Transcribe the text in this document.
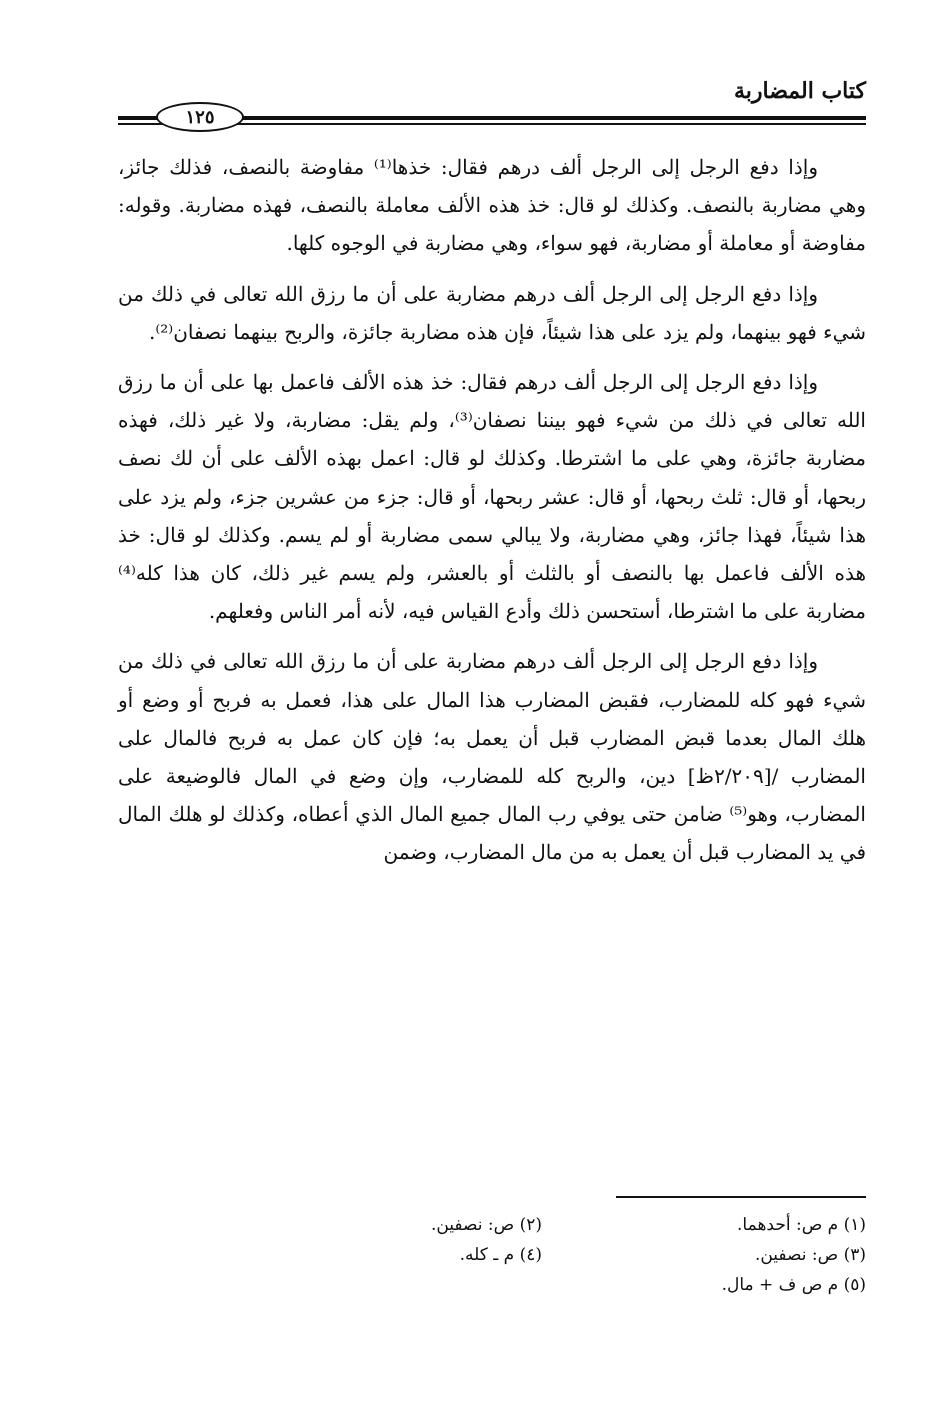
كتاب المضاربة
١٢٥

وإذا دفع الرجل إلى الرجل ألف درهم فقال: خذها⁽¹⁾ مفاوضة بالنصف، فذلك جائز، وهي مضاربة بالنصف. وكذلك لو قال: خذ هذه الألف معاملة بالنصف، فهذه مضاربة. وقوله: مفاوضة أو معاملة أو مضاربة، فهو سواء، وهي مضاربة في الوجوه كلها.

وإذا دفع الرجل إلى الرجل ألف درهم مضاربة على أن ما رزق الله تعالى في ذلك من شيء فهو بينهما، ولم يزد على هذا شيئاً، فإن هذه مضاربة جائزة، والربح بينهما نصفان⁽²⁾.

وإذا دفع الرجل إلى الرجل ألف درهم فقال: خذ هذه الألف فاعمل بها على أن ما رزق الله تعالى في ذلك من شيء فهو بيننا نصفان⁽³⁾، ولم يقل: مضاربة، ولا غير ذلك، فهذه مضاربة جائزة، وهي على ما اشترطا. وكذلك لو قال: اعمل بهذه الألف على أن لك نصف ربحها، أو قال: ثلث ربحها، أو قال: عشر ربحها، أو قال: جزء من عشرين جزء، ولم يزد على هذا شيئاً، فهذا جائز، وهي مضاربة، ولا يبالي سمى مضاربة أو لم يسم. وكذلك لو قال: خذ هذه الألف فاعمل بها بالنصف أو بالثلث أو بالعشر، ولم يسم غير ذلك، كان هذا كله⁽⁴⁾ مضاربة على ما اشترطا، أستحسن ذلك وأدع القياس فيه، لأنه أمر الناس وفعلهم.

وإذا دفع الرجل إلى الرجل ألف درهم مضاربة على أن ما رزق الله تعالى في ذلك من شيء فهو كله للمضارب، فقبض المضارب هذا المال على هذا، فعمل به فربح أو وضع أو هلك المال بعدما قبض المضارب قبل أن يعمل به؛ فإن كان عمل به فربح فالمال على المضارب /[٢/٢٠٩ظ] دين، والربح كله للمضارب، وإن وضع في المال فالوضيعة على المضارب، وهو⁽⁵⁾ ضامن حتى يوفي رب المال جميع المال الذي أعطاه، وكذلك لو هلك المال في يد المضارب قبل أن يعمل به من مال المضارب، وضمن

(١) م ص: أحدهما.
(٢) ص: نصفين.
(٣) ص: نصفين.
(٤) م ـ كله.
(٥) م ص ف + مال.
